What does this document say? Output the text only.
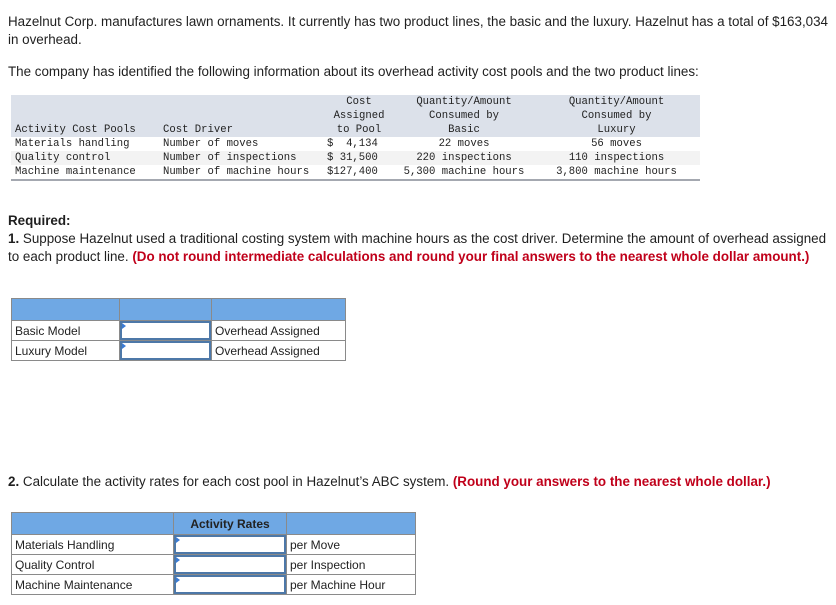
Hazelnut Corp. manufactures lawn ornaments. It currently has two product lines, the basic and the luxury. Hazelnut has a total of $163,034 in overhead.

The company has identified the following information about its overhead activity cost pools and the two product lines:

Activity Cost Pools	Cost Driver	
Cost
Assigned
to Pool

Quantity/Amount
Consumed by
Basic

Quantity/Amount
Consumed by
Luxury

Materials handling	Number of moves	$  4,134	22 moves	56 moves
Quality control	Number of inspections	$ 31,500	220 inspections	110 inspections
Machine maintenance	Number of machine hours	$127,400	5,300 machine hours	3,800 machine hours
Required:
1. Suppose Hazelnut used a traditional costing system with machine hours as the cost driver. Determine the amount of overhead assigned to each product line. (Do not round intermediate calculations and round your final answers to the nearest whole dollar amount.)

Basic Model		Overhead Assigned
Luxury Model		Overhead Assigned
2. Calculate the activity rates for each cost pool in Hazelnut’s ABC system. (Round your answers to the nearest whole dollar.)
	Activity Rates	
Materials Handling		per Move
Quality Control		per Inspection
Machine Maintenance		per Machine Hour
